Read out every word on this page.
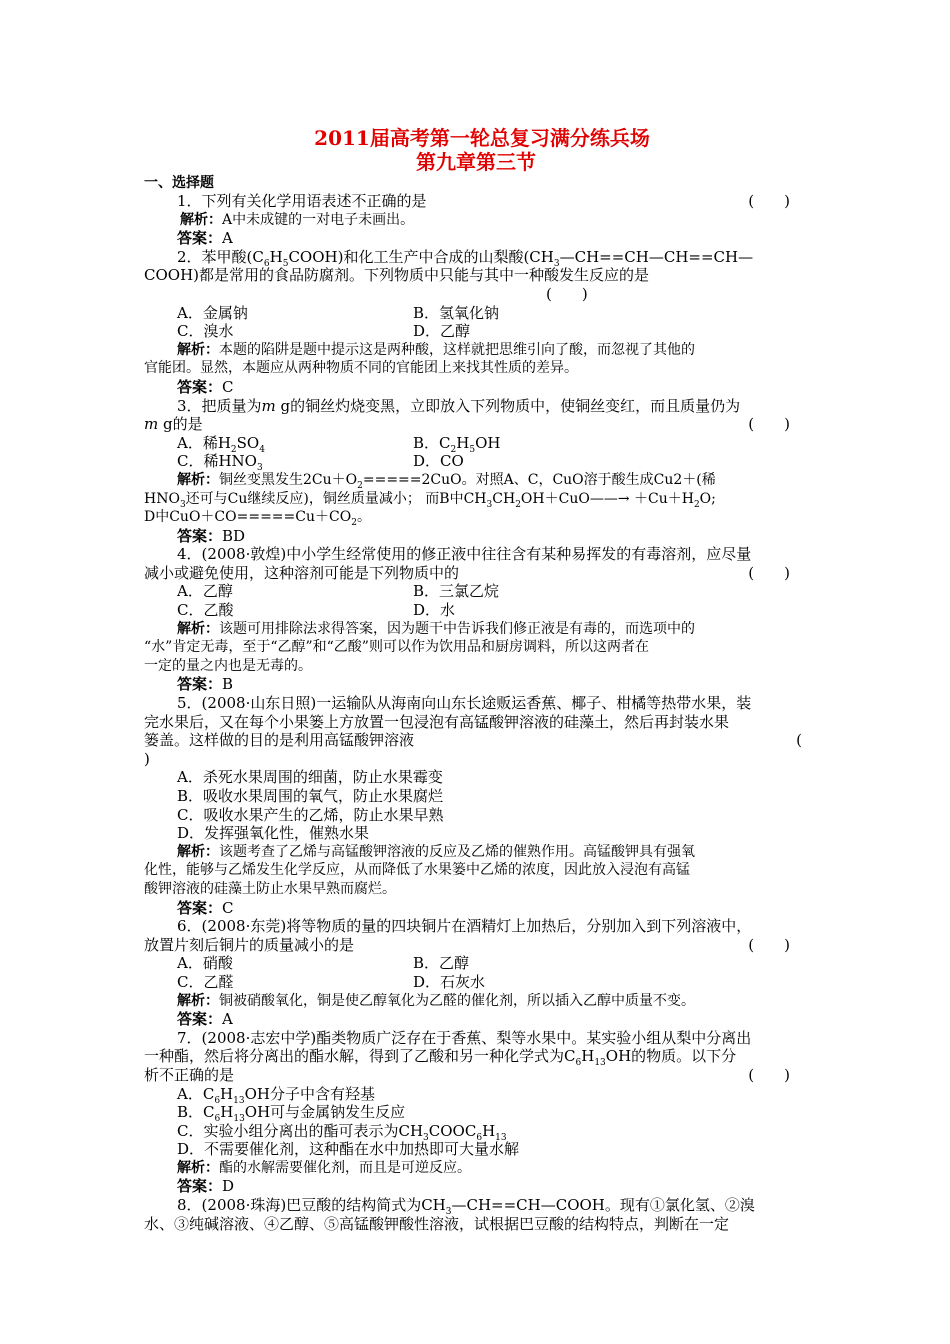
2011届高考第一轮总复习满分练兵场
第九章第三节
一、选择题
1．下列有关化学用语表述不正确的是	(　　)
解析：A中未成键的一对电子未画出。
答案：A
2．苯甲酸$(C_6H_5COOH)$和化工生产中合成的山梨酸($CH_3—CH==CH—CH==CH—$
COOH)都是常用的食品防腐剂。下列物质中只能与其中一种酸发生反应的是
(　　)

A．金属钠	B．氢氧化钠
C．溴水	D．乙醇
解析：本题的陷阱是题中提示这是两种酸，这样就把思维引向了酸，而忽视了其他的
官能团。显然，本题应从两种物质不同的官能团上来找其性质的差异。
答案：C
3．把质量为m g的铜丝灼烧变黑，立即放入下列物质中，使铜丝变红，而且质量仍为
m g的是	(　　)
A．稀$H_2SO_4$	B．$C_2H_5OH$
C．稀$HNO_3$	D．CO
解析：铜丝变黑发生$2Cu+O_2=====2CuO$。对照A、C，CuO溶于酸生成Cu2＋(稀
$HNO_3$还可与Cu继续反应)，铜丝质量减小； 而B中$CH_3CH_2OH+CuO——\to +Cu+H_2O$;
D中$CuO+CO=====Cu+CO_2$。
答案：BD
4．(2008·敦煌)中小学生经常使用的修正液中往往含有某种易挥发的有毒溶剂，应尽量
减小或避免使用，这种溶剂可能是下列物质中的	(　　)
A．乙醇	B．三氯乙烷
C．乙酸	D．水
解析：该题可用排除法求得答案，因为题干中告诉我们修正液是有毒的，而选项中的
“水”肯定无毒，至于“乙醇”和“乙酸”则可以作为饮用品和厨房调料，所以这两者在
一定的量之内也是无毒的。
答案：B
5．(2008·山东日照)一运输队从海南向山东长途贩运香蕉、椰子、柑橘等热带水果，装
完水果后，又在每个小果篓上方放置一包浸泡有高锰酸钾溶液的硅藻土，然后再封装水果
篓盖。这样做的目的是利用高锰酸钾溶液	(
)
A．杀死水果周围的细菌，防止水果霉变
B．吸收水果周围的氧气，防止水果腐烂
C．吸收水果产生的乙烯，防止水果早熟
D．发挥强氧化性，催熟水果
解析：该题考查了乙烯与高锰酸钾溶液的反应及乙烯的催熟作用。高锰酸钾具有强氧
化性，能够与乙烯发生化学反应，从而降低了水果篓中乙烯的浓度，因此放入浸泡有高锰
酸钾溶液的硅藻土防止水果早熟而腐烂。
答案：C
6．(2008·东莞)将等物质的量的四块铜片在酒精灯上加热后，分别加入到下列溶液中，
放置片刻后铜片的质量减小的是	(　　)
A．硝酸	B．乙醇
C．乙醛	D．石灰水
解析：铜被硝酸氧化，铜是使乙醇氧化为乙醛的催化剂，所以插入乙醇中质量不变。
答案：A
7．(2008·志宏中学)酯类物质广泛存在于香蕉、梨等水果中。某实验小组从梨中分离出
一种酯，然后将分离出的酯水解，得到了乙酸和另一种化学式为$C_6H_{13}OH$的物质。以下分
析不正确的是	(　　)
A．$C_6H_{13}OH$分子中含有羟基
B．$C_6H_{13}OH$可与金属钠发生反应
C．实验小组分离出的酯可表示为$CH_3COOC_6H_{13}$
D．不需要催化剂，这种酯在水中加热即可大量水解
解析：酯的水解需要催化剂，而且是可逆反应。
答案：D
8．(2008·珠海)巴豆酸的结构简式为$CH_3—CH==CH—COOH$。现有①氯化氢、②溴
水、③纯碱溶液、④乙醇、⑤高锰酸钾酸性溶液，试根据巴豆酸的结构特点，判断在一定
